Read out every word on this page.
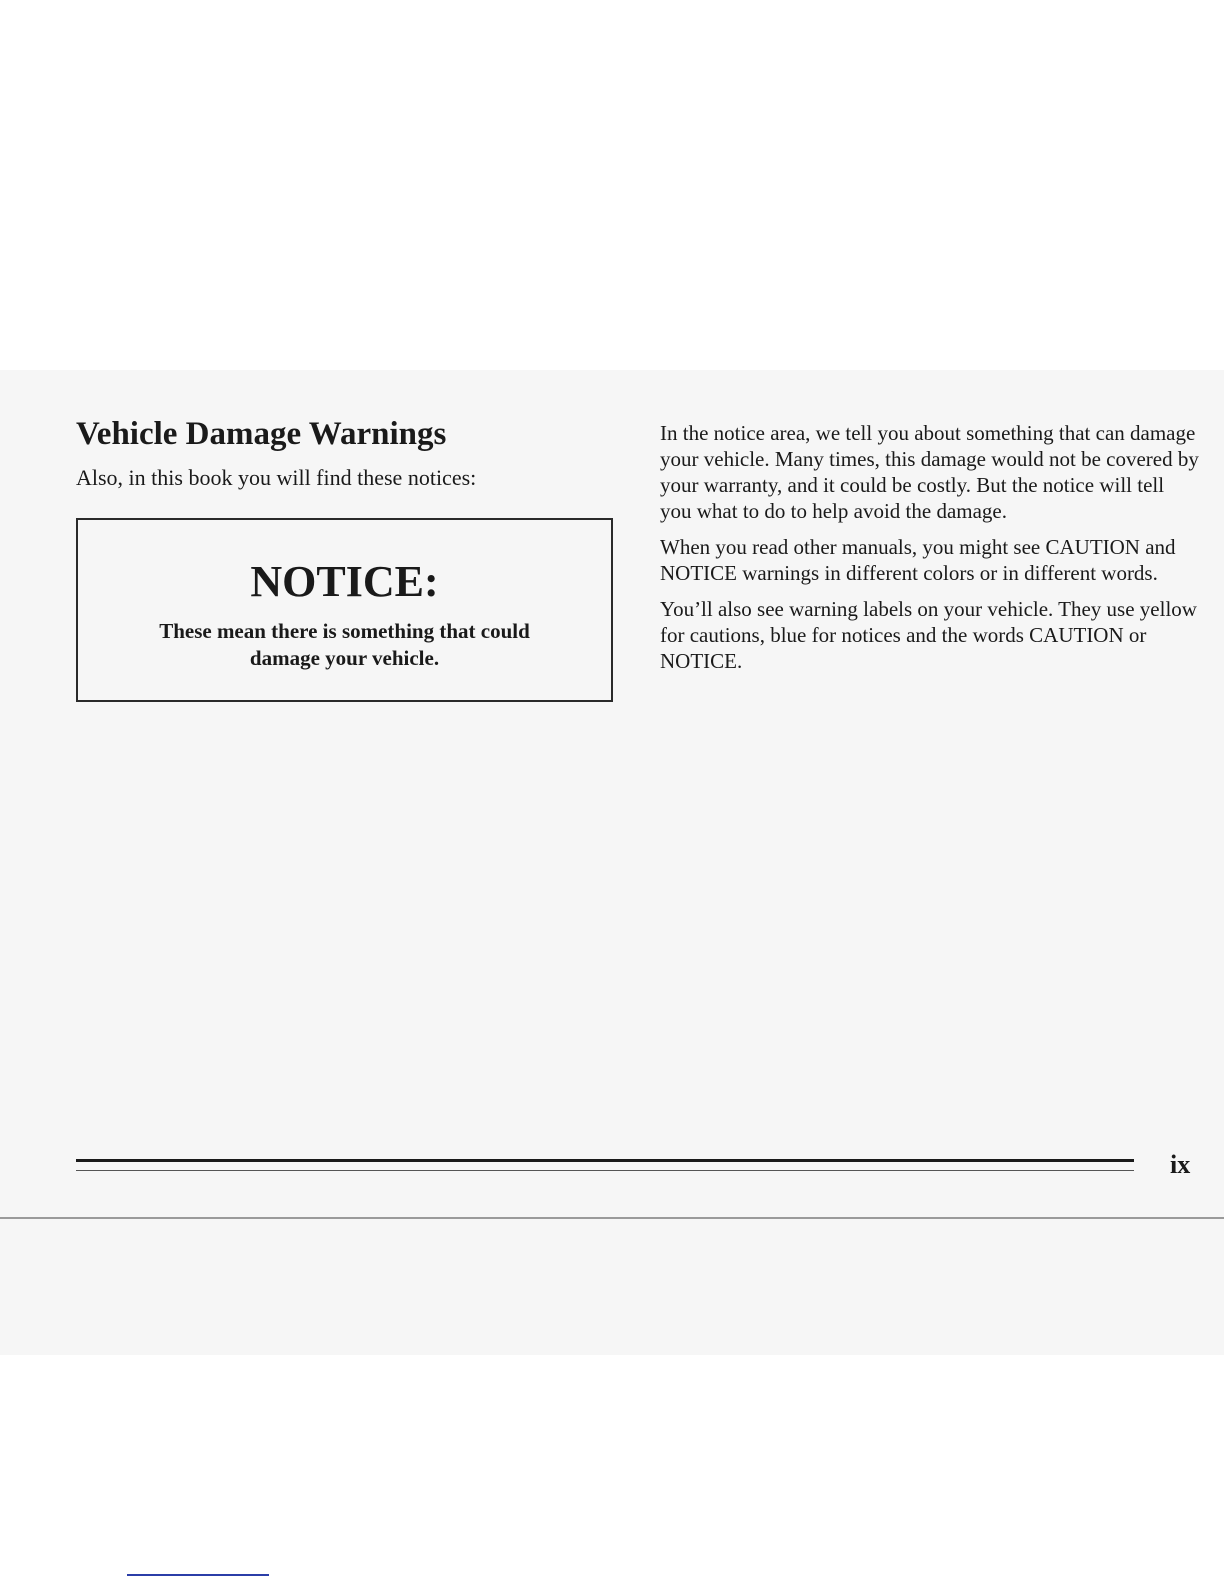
Vehicle Damage Warnings

Also, in this book you will find these notices:

NOTICE:
These mean there is something that could damage your vehicle.

In the notice area, we tell you about something that can damage your vehicle. Many times, this damage would not be covered by your warranty, and it could be costly. But the notice will tell you what to do to help avoid the damage.

When you read other manuals, you might see CAUTION and NOTICE warnings in different colors or in different words.

You’ll also see warning labels on your vehicle. They use yellow for cautions, blue for notices and the words CAUTION or NOTICE.

ix
